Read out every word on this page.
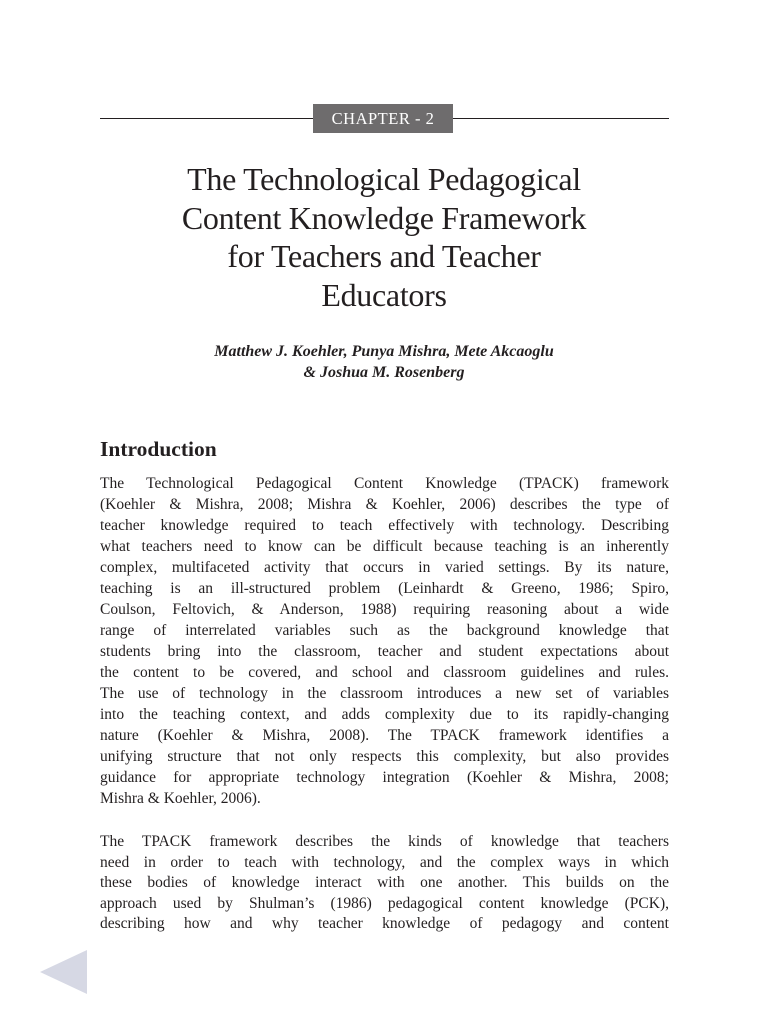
CHAPTER - 2
The Technological Pedagogical
Content Knowledge Framework
for Teachers and Teacher
Educators
Matthew J. Koehler, Punya Mishra, Mete Akcaoglu
& Joshua M. Rosenberg
Introduction
The Technological Pedagogical Content Knowledge (TPACK) framework
(Koehler & Mishra, 2008; Mishra & Koehler, 2006) describes the type of
teacher knowledge required to teach effectively with technology. Describing
what teachers need to know can be difficult because teaching is an inherently
complex, multifaceted activity that occurs in varied settings. By its nature,
teaching is an ill-structured problem (Leinhardt & Greeno, 1986; Spiro,
Coulson, Feltovich, & Anderson, 1988) requiring reasoning about a wide
range of interrelated variables such as the background knowledge that
students bring into the classroom, teacher and student expectations about
the content to be covered, and school and classroom guidelines and rules.
The use of technology in the classroom introduces a new set of variables
into the teaching context, and adds complexity due to its rapidly-changing
nature (Koehler & Mishra, 2008). The TPACK framework identifies a
unifying structure that not only respects this complexity, but also provides
guidance for appropriate technology integration (Koehler & Mishra, 2008;
Mishra & Koehler, 2006).
The TPACK framework describes the kinds of knowledge that teachers
need in order to teach with technology, and the complex ways in which
these bodies of knowledge interact with one another. This builds on the
approach used by Shulman’s (1986) pedagogical content knowledge (PCK),
describing how and why teacher knowledge of pedagogy and content
